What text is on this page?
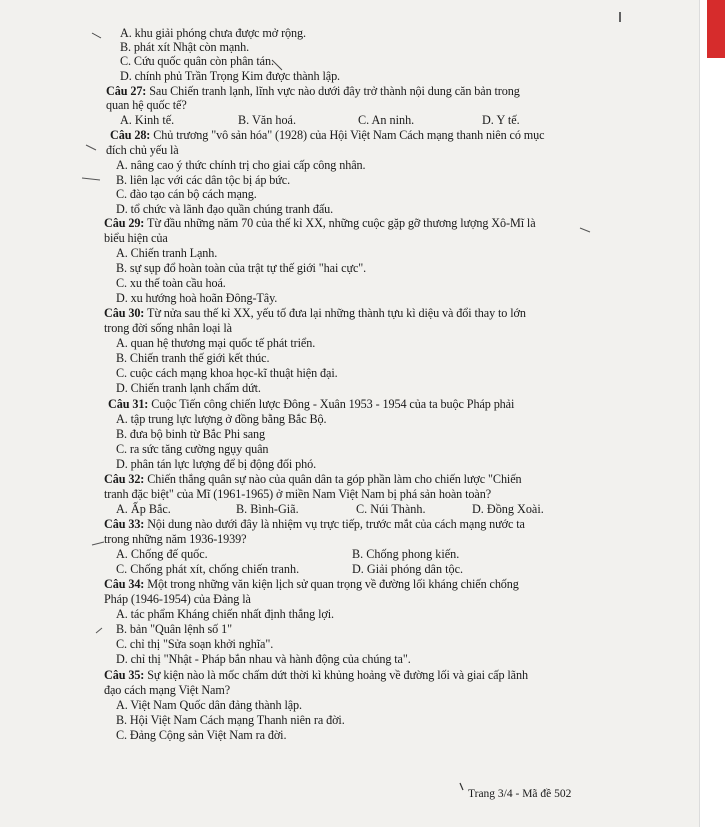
A. khu giải phóng chưa được mở rộng.
B. phát xít Nhật còn mạnh.
C. Cứu quốc quân còn phân tán.
D. chính phủ Trần Trọng Kim được thành lập.
Câu 27: Sau Chiến tranh lạnh, lĩnh vực nào dưới đây trở thành nội dung căn bản trong
quan hệ quốc tế?
A. Kinh tế.	B. Văn hoá.	C. An ninh.	D. Y tế.
Câu 28: Chủ trương "vô sản hóa" (1928) của Hội Việt Nam Cách mạng thanh niên có mục
đích chủ yếu là
A. nâng cao ý thức chính trị cho giai cấp công nhân.
B. liên lạc với các dân tộc bị áp bức.
C. đào tạo cán bộ cách mạng.
D. tổ chức và lãnh đạo quần chúng tranh đấu.
Câu 29: Từ đầu những năm 70 của thế kỉ XX, những cuộc gặp gỡ thương lượng Xô-Mĩ là
biểu hiện của
A. Chiến tranh Lạnh.
B. sự sụp đổ hoàn toàn của trật tự thế giới "hai cực".
C. xu thế toàn cầu hoá.
D. xu hướng hoà hoãn Đông-Tây.
Câu 30: Từ nửa sau thế kỉ XX, yếu tố đưa lại những thành tựu kì diệu và đổi thay to lớn
trong đời sống nhân loại là
A. quan hệ thương mại quốc tế phát triển.
B. Chiến tranh thế giới kết thúc.
C. cuộc cách mạng khoa học-kĩ thuật hiện đại.
D. Chiến tranh lạnh chấm dứt.
Câu 31: Cuộc Tiến công chiến lược Đông - Xuân 1953 - 1954 của ta buộc Pháp phải
A. tập trung lực lượng ở đồng bằng Bắc Bộ.
B. đưa bộ binh từ Bắc Phi sang
C. ra sức tăng cường ngụy quân
D. phân tán lực lượng để bị động đối phó.
Câu 32: Chiến thắng quân sự nào của quân dân ta góp phần làm cho chiến lược "Chiến
tranh đặc biệt" của Mĩ (1961-1965) ở miền Nam Việt Nam bị phá sản hoàn toàn?
A. Ấp Bắc.	B. Bình-Giã.	C. Núi Thành.	D. Đồng Xoài.
Câu 33: Nội dung nào dưới đây là nhiệm vụ trực tiếp, trước mắt của cách mạng nước ta
trong những năm 1936-1939?
A. Chống đế quốc.	B. Chống phong kiến.
C. Chống phát xít, chống chiến tranh.	D. Giải phóng dân tộc.
Câu 34: Một trong những văn kiện lịch sử quan trọng về đường lối kháng chiến chống
Pháp (1946-1954) của Đảng là
A. tác phẩm Kháng chiến nhất định thắng lợi.
B. bản "Quân lệnh số 1"
C. chỉ thị "Sửa soạn khởi nghĩa".
D. chỉ thị "Nhật - Pháp bắn nhau và hành động của chúng ta".
Câu 35: Sự kiện nào là mốc chấm dứt thời kì khủng hoảng về đường lối và giai cấp lãnh
đạo cách mạng Việt Nam?
A. Việt Nam Quốc dân đảng thành lập.
B. Hội Việt Nam Cách mạng Thanh niên ra đời.
C. Đảng Cộng sản Việt Nam ra đời.
Trang 3/4 - Mã đề 502
